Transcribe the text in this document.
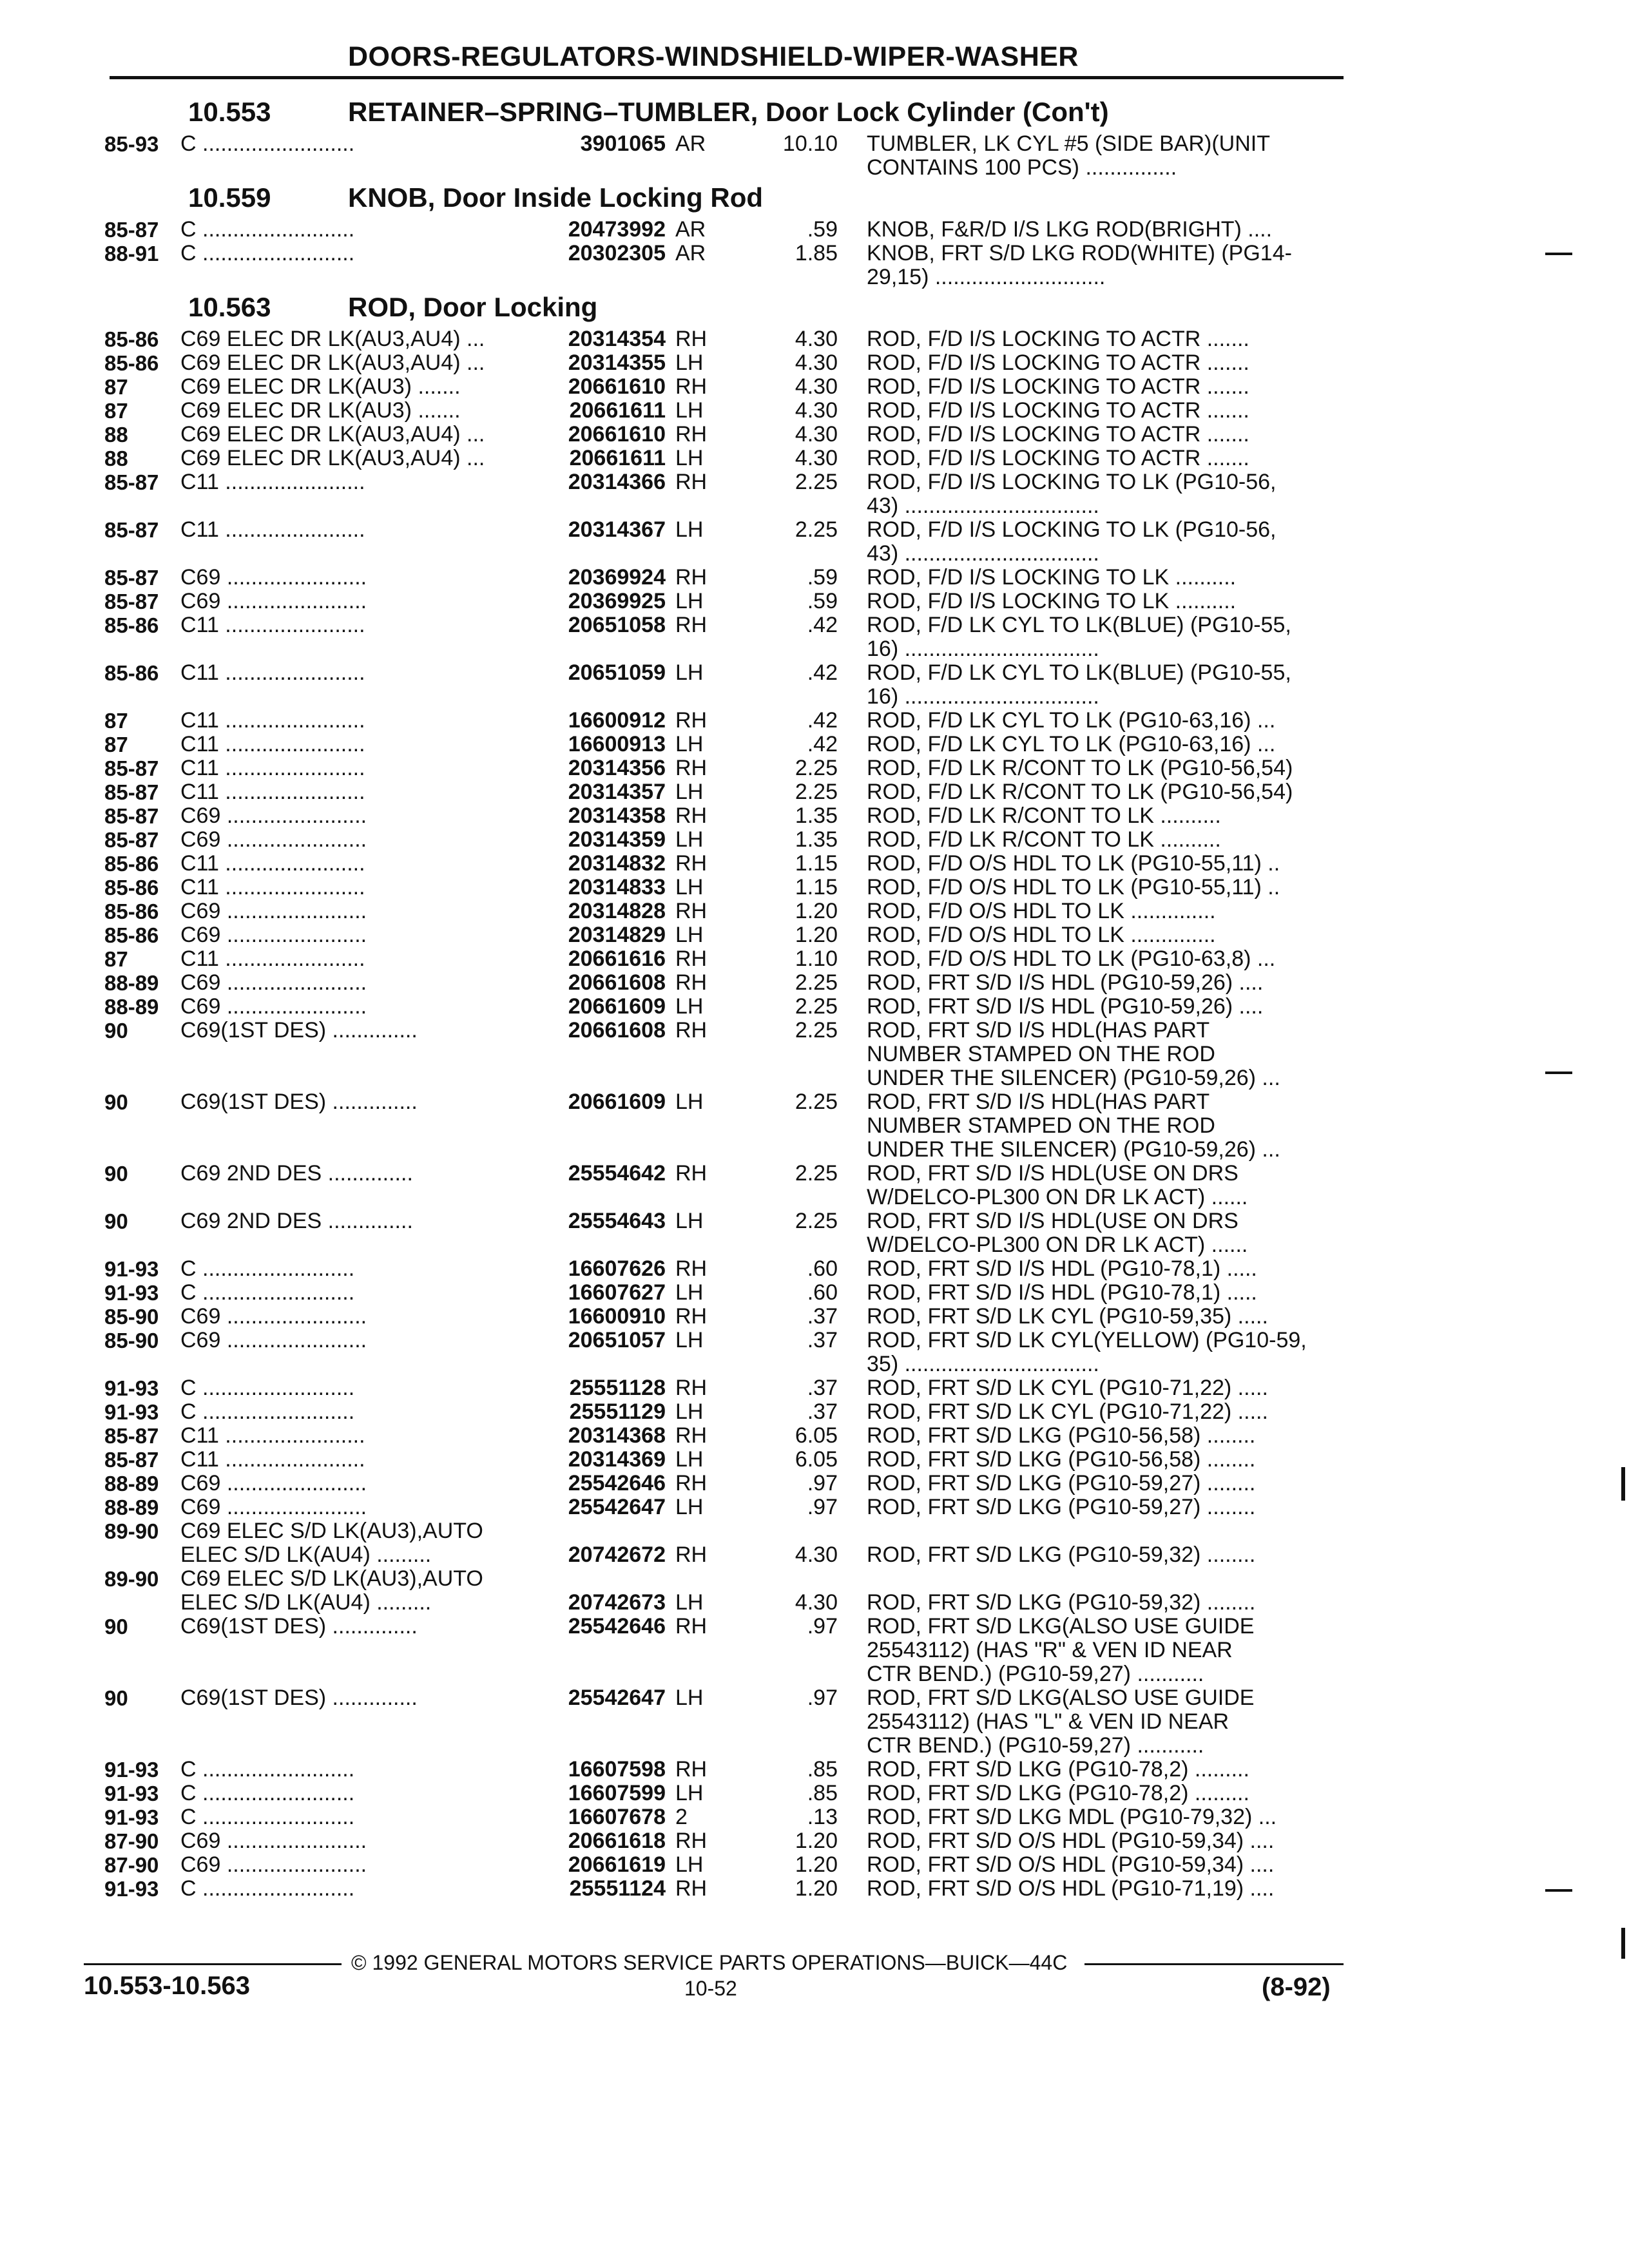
DOORS-REGULATORS-WINDSHIELD-WIPER-WASHER
10.553	RETAINER–SPRING–TUMBLER, Door Lock Cylinder (Con't)
85-93 C .........................	3901065 AR	10.10 TUMBLER, LK CYL #5 (SIDE BAR)(UNIT
CONTAINS 100 PCS) ...............
10.559	KNOB, Door Inside Locking Rod
85-87 C .........................	20473992 AR	.59 KNOB, F&R/D I/S LKG ROD(BRIGHT) ....
88-91 C .........................	20302305 AR	1.85 KNOB, FRT S/D LKG ROD(WHITE) (PG14-
29,15) ............................
10.563	ROD, Door Locking
85-86 C69 ELEC DR LK(AU3,AU4) ...	20314354 RH	4.30 ROD, F/D I/S LOCKING TO ACTR .......
85-86 C69 ELEC DR LK(AU3,AU4) ...	20314355 LH	4.30 ROD, F/D I/S LOCKING TO ACTR .......
87 C69 ELEC DR LK(AU3) .......	20661610 RH	4.30 ROD, F/D I/S LOCKING TO ACTR .......
87 C69 ELEC DR LK(AU3) .......	20661611 LH	4.30 ROD, F/D I/S LOCKING TO ACTR .......
88 C69 ELEC DR LK(AU3,AU4) ...	20661610 RH	4.30 ROD, F/D I/S LOCKING TO ACTR .......
88 C69 ELEC DR LK(AU3,AU4) ...	20661611 LH	4.30 ROD, F/D I/S LOCKING TO ACTR .......
85-87 C11 .......................	20314366 RH	2.25 ROD, F/D I/S LOCKING TO LK (PG10-56,
43) ................................
85-87 C11 .......................	20314367 LH	2.25 ROD, F/D I/S LOCKING TO LK (PG10-56,
43) ................................
85-87 C69 .......................	20369924 RH	.59 ROD, F/D I/S LOCKING TO LK ..........
85-87 C69 .......................	20369925 LH	.59 ROD, F/D I/S LOCKING TO LK ..........
85-86 C11 .......................	20651058 RH	.42 ROD, F/D LK CYL TO LK(BLUE) (PG10-55,
16) ................................
85-86 C11 .......................	20651059 LH	.42 ROD, F/D LK CYL TO LK(BLUE) (PG10-55,
16) ................................
87 C11 .......................	16600912 RH	.42 ROD, F/D LK CYL TO LK (PG10-63,16) ...
87 C11 .......................	16600913 LH	.42 ROD, F/D LK CYL TO LK (PG10-63,16) ...
85-87 C11 .......................	20314356 RH	2.25 ROD, F/D LK R/CONT TO LK (PG10-56,54)
85-87 C11 .......................	20314357 LH	2.25 ROD, F/D LK R/CONT TO LK (PG10-56,54)
85-87 C69 .......................	20314358 RH	1.35 ROD, F/D LK R/CONT TO LK ..........
85-87 C69 .......................	20314359 LH	1.35 ROD, F/D LK R/CONT TO LK ..........
85-86 C11 .......................	20314832 RH	1.15 ROD, F/D O/S HDL TO LK (PG10-55,11) ..
85-86 C11 .......................	20314833 LH	1.15 ROD, F/D O/S HDL TO LK (PG10-55,11) ..
85-86 C69 .......................	20314828 RH	1.20 ROD, F/D O/S HDL TO LK ..............
85-86 C69 .......................	20314829 LH	1.20 ROD, F/D O/S HDL TO LK ..............
87 C11 .......................	20661616 RH	1.10 ROD, F/D O/S HDL TO LK (PG10-63,8) ...
88-89 C69 .......................	20661608 RH	2.25 ROD, FRT S/D I/S HDL (PG10-59,26) ....
88-89 C69 .......................	20661609 LH	2.25 ROD, FRT S/D I/S HDL (PG10-59,26) ....
90 C69(1ST DES) ..............	20661608 RH	2.25 ROD, FRT S/D I/S HDL(HAS PART
NUMBER STAMPED ON THE ROD
UNDER THE SILENCER) (PG10-59,26) ...
90 C69(1ST DES) ..............	20661609 LH	2.25 ROD, FRT S/D I/S HDL(HAS PART
NUMBER STAMPED ON THE ROD
UNDER THE SILENCER) (PG10-59,26) ...
90 C69 2ND DES ..............	25554642 RH	2.25 ROD, FRT S/D I/S HDL(USE ON DRS
W/DELCO-PL300 ON DR LK ACT) ......
90 C69 2ND DES ..............	25554643 LH	2.25 ROD, FRT S/D I/S HDL(USE ON DRS
W/DELCO-PL300 ON DR LK ACT) ......
91-93 C .........................	16607626 RH	.60 ROD, FRT S/D I/S HDL (PG10-78,1) .....
91-93 C .........................	16607627 LH	.60 ROD, FRT S/D I/S HDL (PG10-78,1) .....
85-90 C69 .......................	16600910 RH	.37 ROD, FRT S/D LK CYL (PG10-59,35) .....
85-90 C69 .......................	20651057 LH	.37 ROD, FRT S/D LK CYL(YELLOW) (PG10-59,
35) ................................
91-93 C .........................	25551128 RH	.37 ROD, FRT S/D LK CYL (PG10-71,22) .....
91-93 C .........................	25551129 LH	.37 ROD, FRT S/D LK CYL (PG10-71,22) .....
85-87 C11 .......................	20314368 RH	6.05 ROD, FRT S/D LKG (PG10-56,58) ........
85-87 C11 .......................	20314369 LH	6.05 ROD, FRT S/D LKG (PG10-56,58) ........
88-89 C69 .......................	25542646 RH	.97 ROD, FRT S/D LKG (PG10-59,27) ........
88-89 C69 .......................	25542647 LH	.97 ROD, FRT S/D LKG (PG10-59,27) ........
89-90 C69 ELEC S/D LK(AU3),AUTO
ELEC S/D LK(AU4) .........	20742672 RH	4.30 ROD, FRT S/D LKG (PG10-59,32) ........
89-90 C69 ELEC S/D LK(AU3),AUTO
ELEC S/D LK(AU4) .........	20742673 LH	4.30 ROD, FRT S/D LKG (PG10-59,32) ........
90 C69(1ST DES) ..............	25542646 RH	.97 ROD, FRT S/D LKG(ALSO USE GUIDE
25543112) (HAS "R" & VEN ID NEAR
CTR BEND.) (PG10-59,27) ...........
90 C69(1ST DES) ..............	25542647 LH	.97 ROD, FRT S/D LKG(ALSO USE GUIDE
25543112) (HAS "L" & VEN ID NEAR
CTR BEND.) (PG10-59,27) ...........
91-93 C .........................	16607598 RH	.85 ROD, FRT S/D LKG (PG10-78,2) .........
91-93 C .........................	16607599 LH	.85 ROD, FRT S/D LKG (PG10-78,2) .........
91-93 C .........................	16607678 2	.13 ROD, FRT S/D LKG MDL (PG10-79,32) ...
87-90 C69 .......................	20661618 RH	1.20 ROD, FRT S/D O/S HDL (PG10-59,34) ....
87-90 C69 .......................	20661619 LH	1.20 ROD, FRT S/D O/S HDL (PG10-59,34) ....
91-93 C .........................	25551124 RH	1.20 ROD, FRT S/D O/S HDL (PG10-71,19) ....
© 1992 GENERAL MOTORS SERVICE PARTS OPERATIONS—BUICK—44C
10.553-10.563	10-52	(8-92)
